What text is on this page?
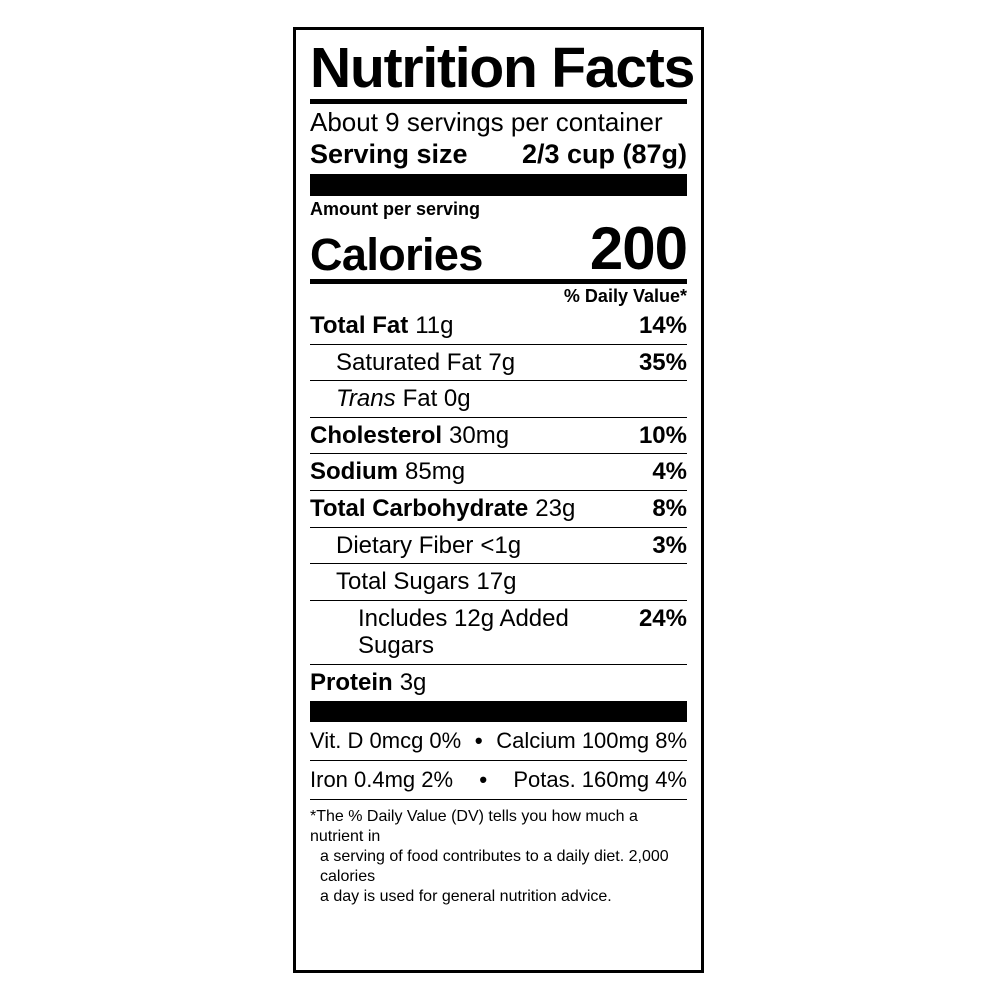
Nutrition Facts
About 9 servings per container
Serving size 2/3 cup (87g)
Amount per serving
Calories 200
% Daily Value*
Total Fat 11g	14%
Saturated Fat 7g	35%
Trans Fat 0g
Cholesterol 30mg	10%
Sodium 85mg	4%
Total Carbohydrate 23g	8%
Dietary Fiber <1g	3%
Total Sugars 17g
Includes 12g Added Sugars
24%
Protein 3g
Vit. D 0mcg 0% • Calcium 100mg 8%
Iron 0.4mg 2%	•	Potas. 160mg 4%
*The % Daily Value (DV) tells you how much a nutrient in
a serving of food contributes to a daily diet. 2,000 calories
a day is used for general nutrition advice.
